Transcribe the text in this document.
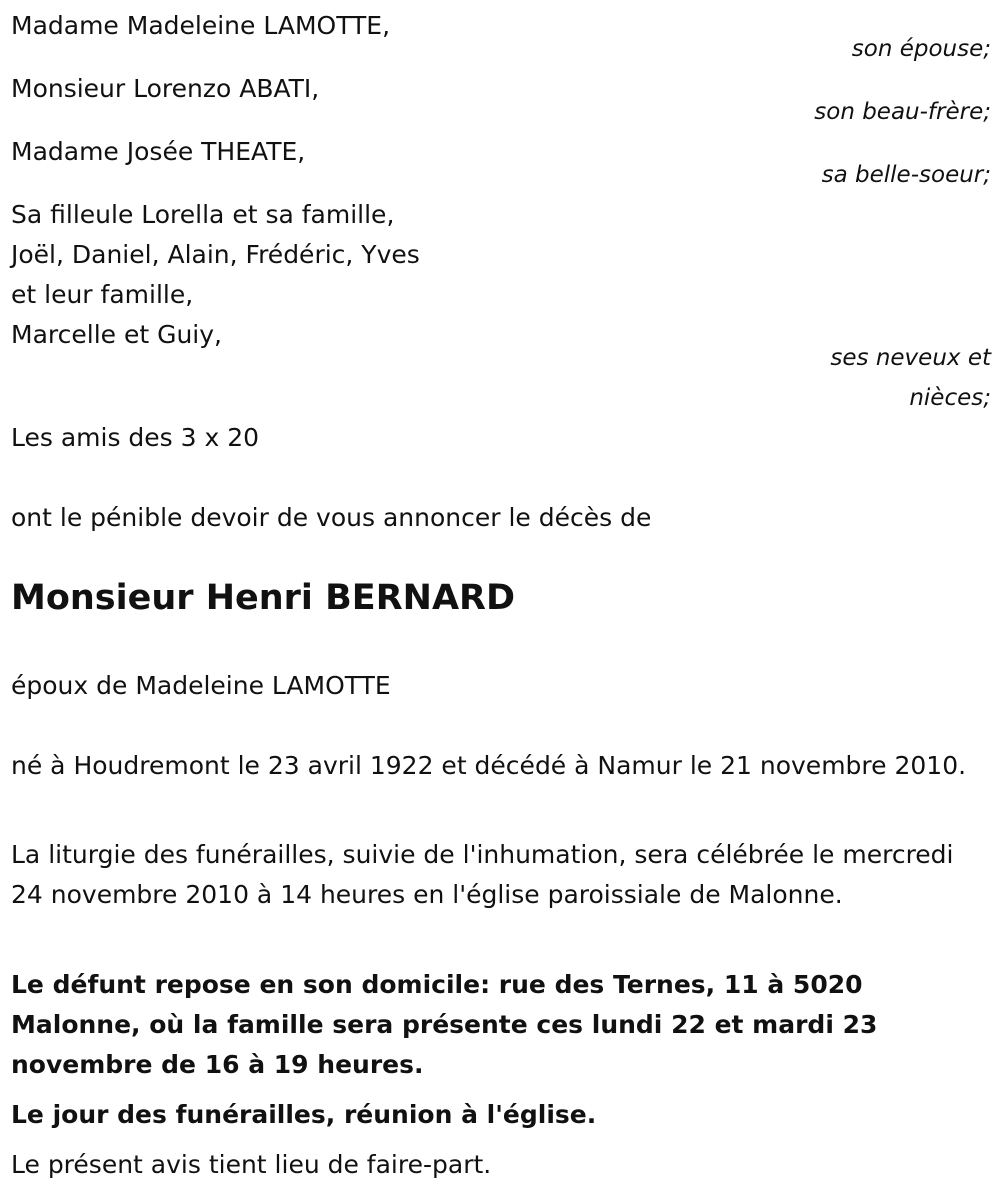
Madame Madeleine LAMOTTE,
son épouse;
Monsieur Lorenzo ABATI,
son beau-frère;
Madame Josée THEATE,
sa belle-soeur;
Sa filleule Lorella et sa famille,
Joël, Daniel, Alain, Frédéric, Yves
et leur famille,
Marcelle et Guiy,
ses neveux et nièces;
Les amis des 3 x 20
ont le pénible devoir de vous annoncer le décès de
Monsieur Henri BERNARD
époux de Madeleine LAMOTTE
né à Houdremont le 23 avril 1922 et décédé à Namur le 21 novembre 2010.
La liturgie des funérailles, suivie de l'inhumation, sera célébrée le mercredi 24 novembre 2010 à 14 heures en l'église paroissiale de Malonne.
Le défunt repose en son domicile: rue des Ternes, 11 à 5020 Malonne, où la famille sera présente ces lundi 22 et mardi 23 novembre de 16 à 19 heures.
Le jour des funérailles, réunion à l'église.
Le présent avis tient lieu de faire-part.
